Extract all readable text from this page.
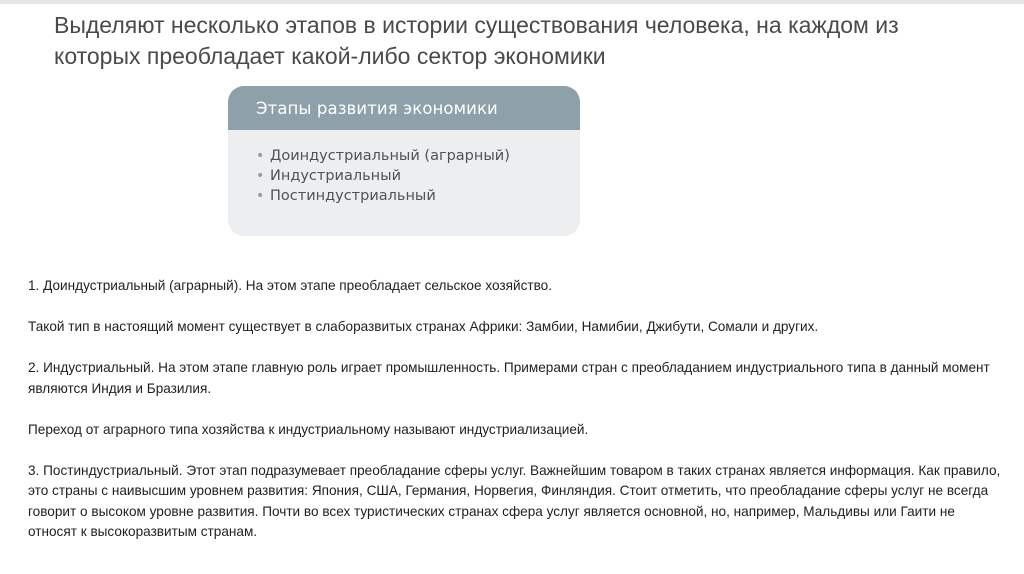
Выделяют несколько этапов в истории существования человека, на каждом из которых преобладает какой-либо сектор экономики
Этапы развития экономики
• Доиндустриальный (аграрный)
• Индустриальный
• Постиндустриальный

1. Доиндустриальный (аграрный). На этом этапе преобладает сельское хозяйство.

Такой тип в настоящий момент существует в слаборазвитых странах Африки: Замбии, Намибии, Джибути, Сомали и других.

2. Индустриальный. На этом этапе главную роль играет промышленность. Примерами стран с преобладанием индустриального типа в данный момент являются Индия и Бразилия.

Переход от аграрного типа хозяйства к индустриальному называют индустриализацией.

3. Постиндустриальный. Этот этап подразумевает преобладание сферы услуг. Важнейшим товаром в таких странах является информация. Как правило, это страны с наивысшим уровнем развития: Япония, США, Германия, Норвегия, Финляндия. Стоит отметить, что преобладание сферы услуг не всегда говорит о высоком уровне развития. Почти во всех туристических странах сфера услуг является основной, но, например, Мальдивы или Гаити не относят к высокоразвитым странам.
